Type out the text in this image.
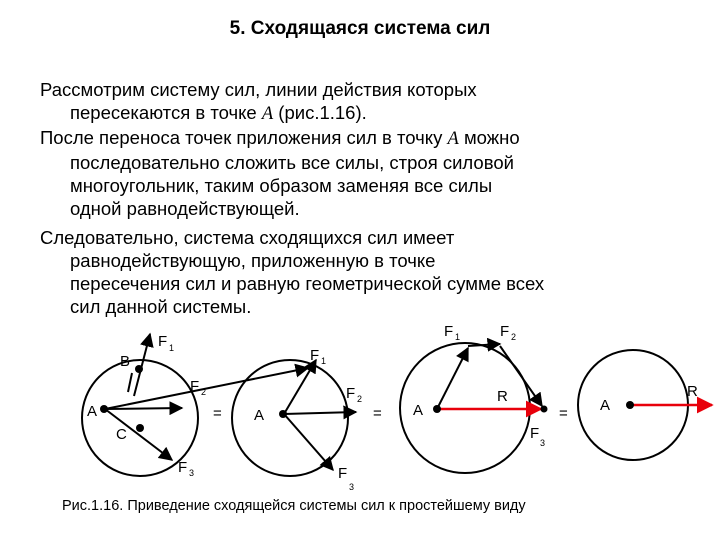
5. Сходящаяся система сил
Рассмотрим систему сил, линии действия которых
пересекаются в точке A (рис.1.16).
После переноса точек приложения сил в точку A можно
последовательно сложить все силы, строя силовой
многоугольник, таким образом заменяя все силы
одной равнодействующей.
Следовательно, система сходящихся сил имеет
равнодействующую, приложенную в точке
пересечения сил и равную геометрической сумме всех
сил данной системы.
B
A
C
F 1
F 2
F 3
= A
F 1
F 2
F
3
= A
F 1	F 2
R
F
3
= A
R
Рис.1.16. Приведение сходящейся системы сил к простейшему виду
